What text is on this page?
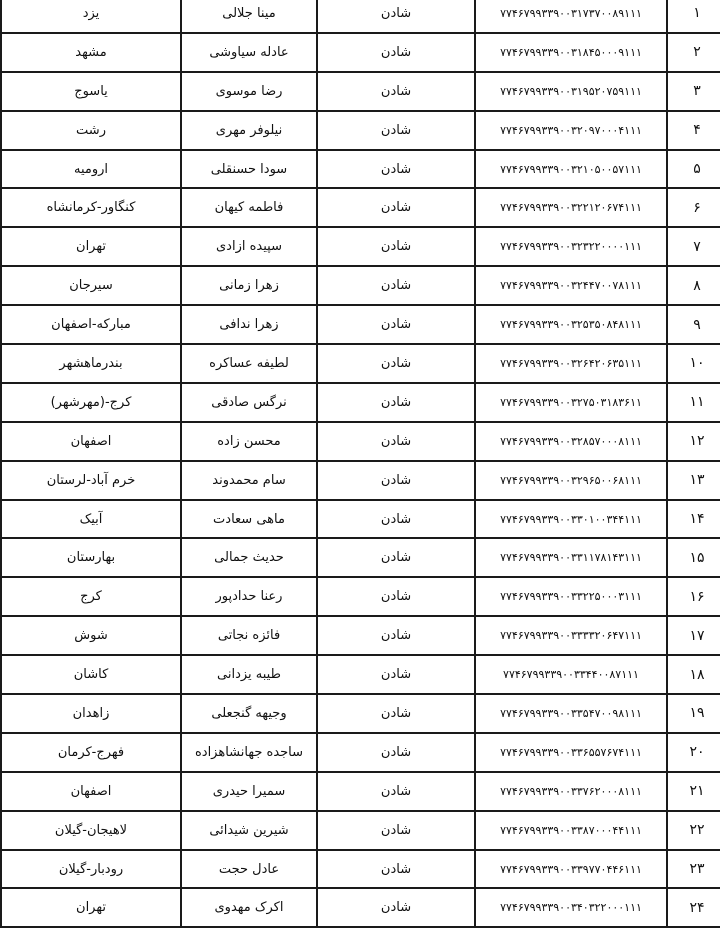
۱	۷۷۴۶۷۹۹۳۳۹۰۰۳۱۷۳۷۰۰۸۹۱۱۱	شادن	مینا جلالی	یزد
۲	۷۷۴۶۷۹۹۳۳۹۰۰۳۱۸۴۵۰۰۰۹۱۱۱	شادن	عادله سیاوشی	مشهد
۳	۷۷۴۶۷۹۹۳۳۹۰۰۳۱۹۵۲۰۷۵۹۱۱۱	شادن	رضا موسوی	یاسوج
۴	۷۷۴۶۷۹۹۳۳۹۰۰۳۲۰۹۷۰۰۰۴۱۱۱	شادن	نیلوفر مهری	رشت
۵	۷۷۴۶۷۹۹۳۳۹۰۰۳۲۱۰۵۰۰۵۷۱۱۱	شادن	سودا حسنقلی	ارومیه
۶	۷۷۴۶۷۹۹۳۳۹۰۰۳۲۲۱۲۰۶۷۴۱۱۱	شادن	فاطمه کیهان	کنگاور-کرمانشاه
۷	۷۷۴۶۷۹۹۳۳۹۰۰۳۲۳۲۲۰۰۰۰۱۱۱	شادن	سپیده ازادی	تهران
۸	۷۷۴۶۷۹۹۳۳۹۰۰۳۲۴۴۷۰۰۷۸۱۱۱	شادن	زهرا زمانی	سیرجان
۹	۷۷۴۶۷۹۹۳۳۹۰۰۳۲۵۳۵۰۸۴۸۱۱۱	شادن	زهرا ندافی	مبارکه-اصفهان
۱۰	۷۷۴۶۷۹۹۳۳۹۰۰۳۲۶۴۲۰۶۳۵۱۱۱	شادن	لطیفه عساکره	بندرماهشهر
۱۱	۷۷۴۶۷۹۹۳۳۹۰۰۳۲۷۵۰۳۱۸۳۶۱۱	شادن	نرگس صادقی	کرج-(مهرشهر)
۱۲	۷۷۴۶۷۹۹۳۳۹۰۰۳۲۸۵۷۰۰۰۸۱۱۱	شادن	محسن زاده	اصفهان
۱۳	۷۷۴۶۷۹۹۳۳۹۰۰۳۲۹۶۵۰۰۶۸۱۱۱	شادن	سام محمدوند	خرم آباد-لرستان
۱۴	۷۷۴۶۷۹۹۳۳۹۰۰۳۳۰۱۰۰۳۴۴۱۱۱	شادن	ماهی سعادت	آبیک
۱۵	۷۷۴۶۷۹۹۳۳۹۰۰۳۳۱۱۷۸۱۴۳۱۱۱	شادن	حدیث جمالی	بهارستان
۱۶	۷۷۴۶۷۹۹۳۳۹۰۰۳۳۲۲۵۰۰۰۳۱۱۱	شادن	رعنا حدادپور	کرج
۱۷	۷۷۴۶۷۹۹۳۳۹۰۰۳۳۳۳۲۰۶۴۷۱۱۱	شادن	فائزه نجاتی	شوش
۱۸	۷۷۴۶۷۹۹۳۳۹۰۰۳۳۴۴۰۰۸۷۱۱۱	شادن	طیبه یزدانی	کاشان
۱۹	۷۷۴۶۷۹۹۳۳۹۰۰۳۳۵۴۷۰۰۹۸۱۱۱	شادن	وجیهه گنجعلی	زاهدان
۲۰	۷۷۴۶۷۹۹۳۳۹۰۰۳۳۶۵۵۷۶۷۴۱۱۱	شادن	ساجده جهانشاهزاده	فهرج-کرمان
۲۱	۷۷۴۶۷۹۹۳۳۹۰۰۳۳۷۶۲۰۰۰۸۱۱۱	شادن	سمیرا حیدری	اصفهان
۲۲	۷۷۴۶۷۹۹۳۳۹۰۰۳۳۸۷۰۰۰۴۴۱۱۱	شادن	شیرین شیدائی	لاهیجان-گیلان
۲۳	۷۷۴۶۷۹۹۳۳۹۰۰۳۳۹۷۷۰۴۴۶۱۱۱	شادن	عادل حجت	رودبار-گیلان
۲۴	۷۷۴۶۷۹۹۳۳۹۰۰۳۴۰۳۲۲۰۰۰۱۱۱	شادن	اکرک مهدوی	تهران
